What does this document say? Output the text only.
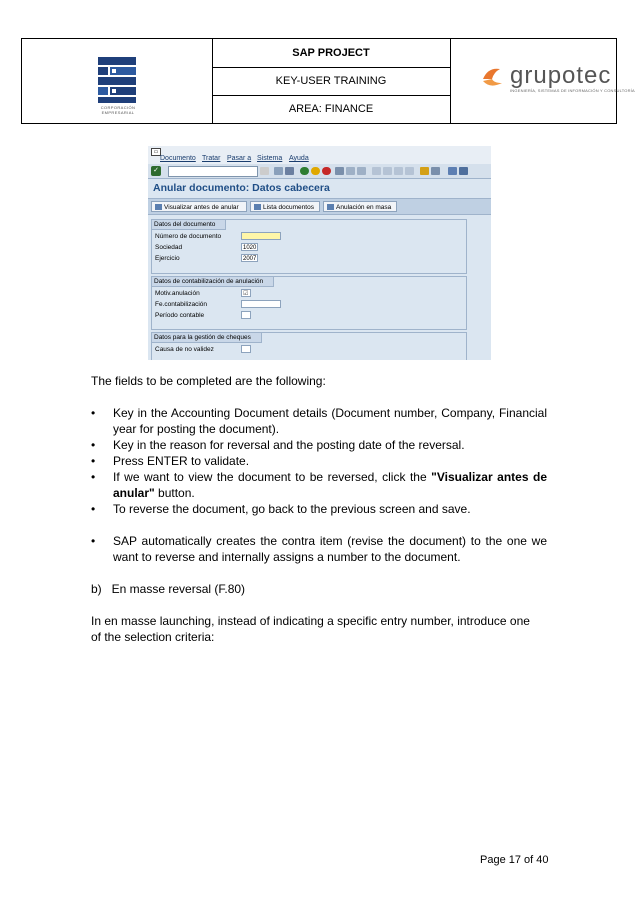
CORPORACIÓN EMPRESARIAL
SAP PROJECT
KEY-USER TRAINING
AREA: FINANCE
grupotec
INGENIERÍA, SISTEMAS DE INFORMACIÓN Y CONSULTORÍA
▭
Documento Tratar Pasar a Sistema Ayuda
✓
Anular documento: Datos cabecera
Visualizar antes de anular	Lista documentos	Anulación en masa
Datos del documento
Número de documento
Sociedad	1020
Ejercicio	2007
Datos de contabilización de anulación
Motiv.anulación	☑
Fe.contabilización
Período contable
Datos para la gestión de cheques
Causa de no validez
The fields to be completed are the following:
• Key in the Accounting Document details (Document number, Company, Financial year for posting the document).
• Key in the reason for reversal and the posting date of the reversal.
• Press ENTER to validate.
• If we want to view the document to be reversed, click the "Visualizar antes de anular" button.
• To reverse the document, go back to the previous screen and save.
• SAP automatically creates the contra item (revise the document) to the one we want to reverse and internally assigns a number to the document.
b)   En masse reversal (F.80)
In en masse launching, instead of indicating a specific entry number, introduce one of the selection criteria:
Page 17 of 40
